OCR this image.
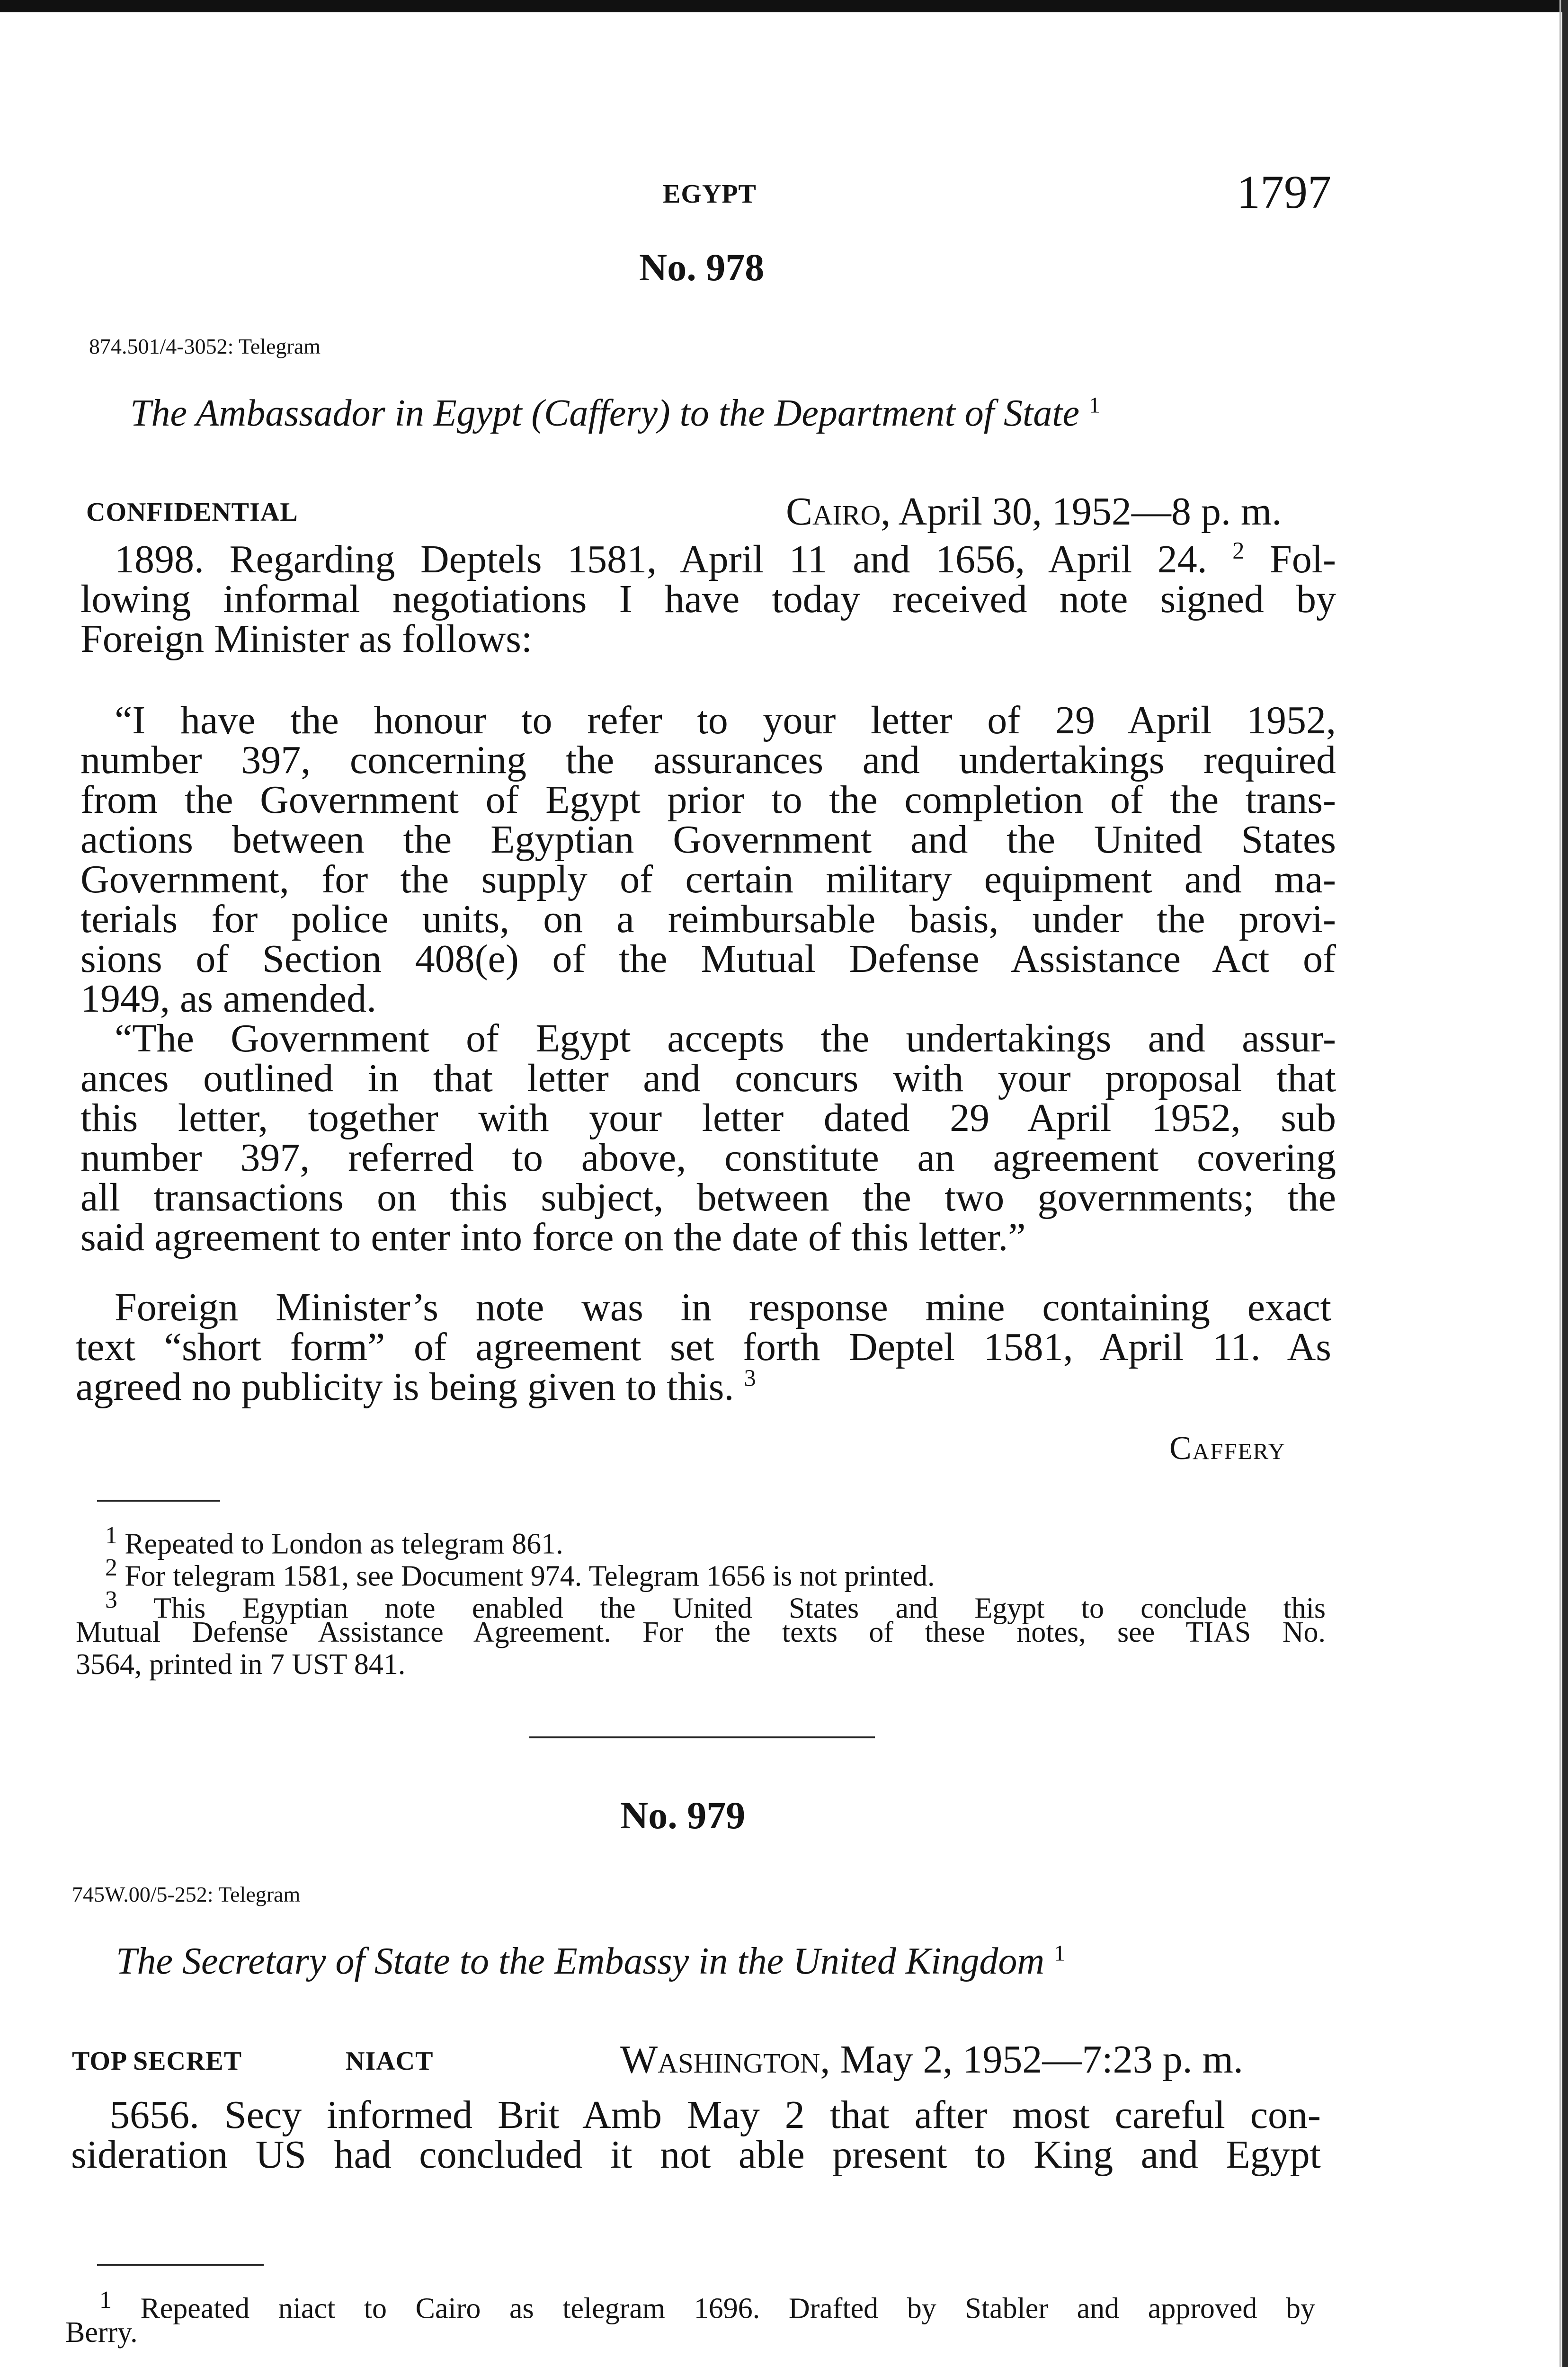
EGYPT	1797
No. 978
874.501/4-3052: Telegram
The Ambassador in Egypt (Caffery) to the Department of State $^1$
CONFIDENTIAL	Cairo, April 30, 1952—8 p. m.
1898. Regarding Deptels 1581, April 11 and 1656, April 24. $^2$ Fol-
lowing informal negotiations I have today received note signed by
Foreign Minister as follows:
“I have the honour to refer to your letter of 29 April 1952,
number 397, concerning the assurances and undertakings required
from the Government of Egypt prior to the completion of the trans-
actions between the Egyptian Government and the United States
Government, for the supply of certain military equipment and ma-
terials for police units, on a reimbursable basis, under the provi-
sions of Section 408(e) of the Mutual Defense Assistance Act of
1949, as amended.
“The Government of Egypt accepts the undertakings and assur-
ances outlined in that letter and concurs with your proposal that
this letter, together with your letter dated 29 April 1952, sub
number 397, referred to above, constitute an agreement covering
all transactions on this subject, between the two governments; the
said agreement to enter into force on the date of this letter.”
Foreign Minister’s note was in response mine containing exact
text “short form” of agreement set forth Deptel 1581, April 11. As
agreed no publicity is being given to this. $^3$
Caffery
$^1$ Repeated to London as telegram 861.
$^2$ For telegram 1581, see Document 974. Telegram 1656 is not printed.
$^3$ This Egyptian note enabled the United States and Egypt to conclude this
Mutual Defense Assistance Agreement. For the texts of these notes, see TIAS No.
3564, printed in 7 UST 841.
No. 979
745W.00/5-252: Telegram
The Secretary of State to the Embassy in the United Kingdom $^1$
TOP SECRET	NIACT	Washington, May 2, 1952—7:23 p. m.
5656. Secy informed Brit Amb May 2 that after most careful con-
sideration US had concluded it not able present to King and Egypt
$^1$ Repeated niact to Cairo as telegram 1696. Drafted by Stabler and approved by
Berry.
